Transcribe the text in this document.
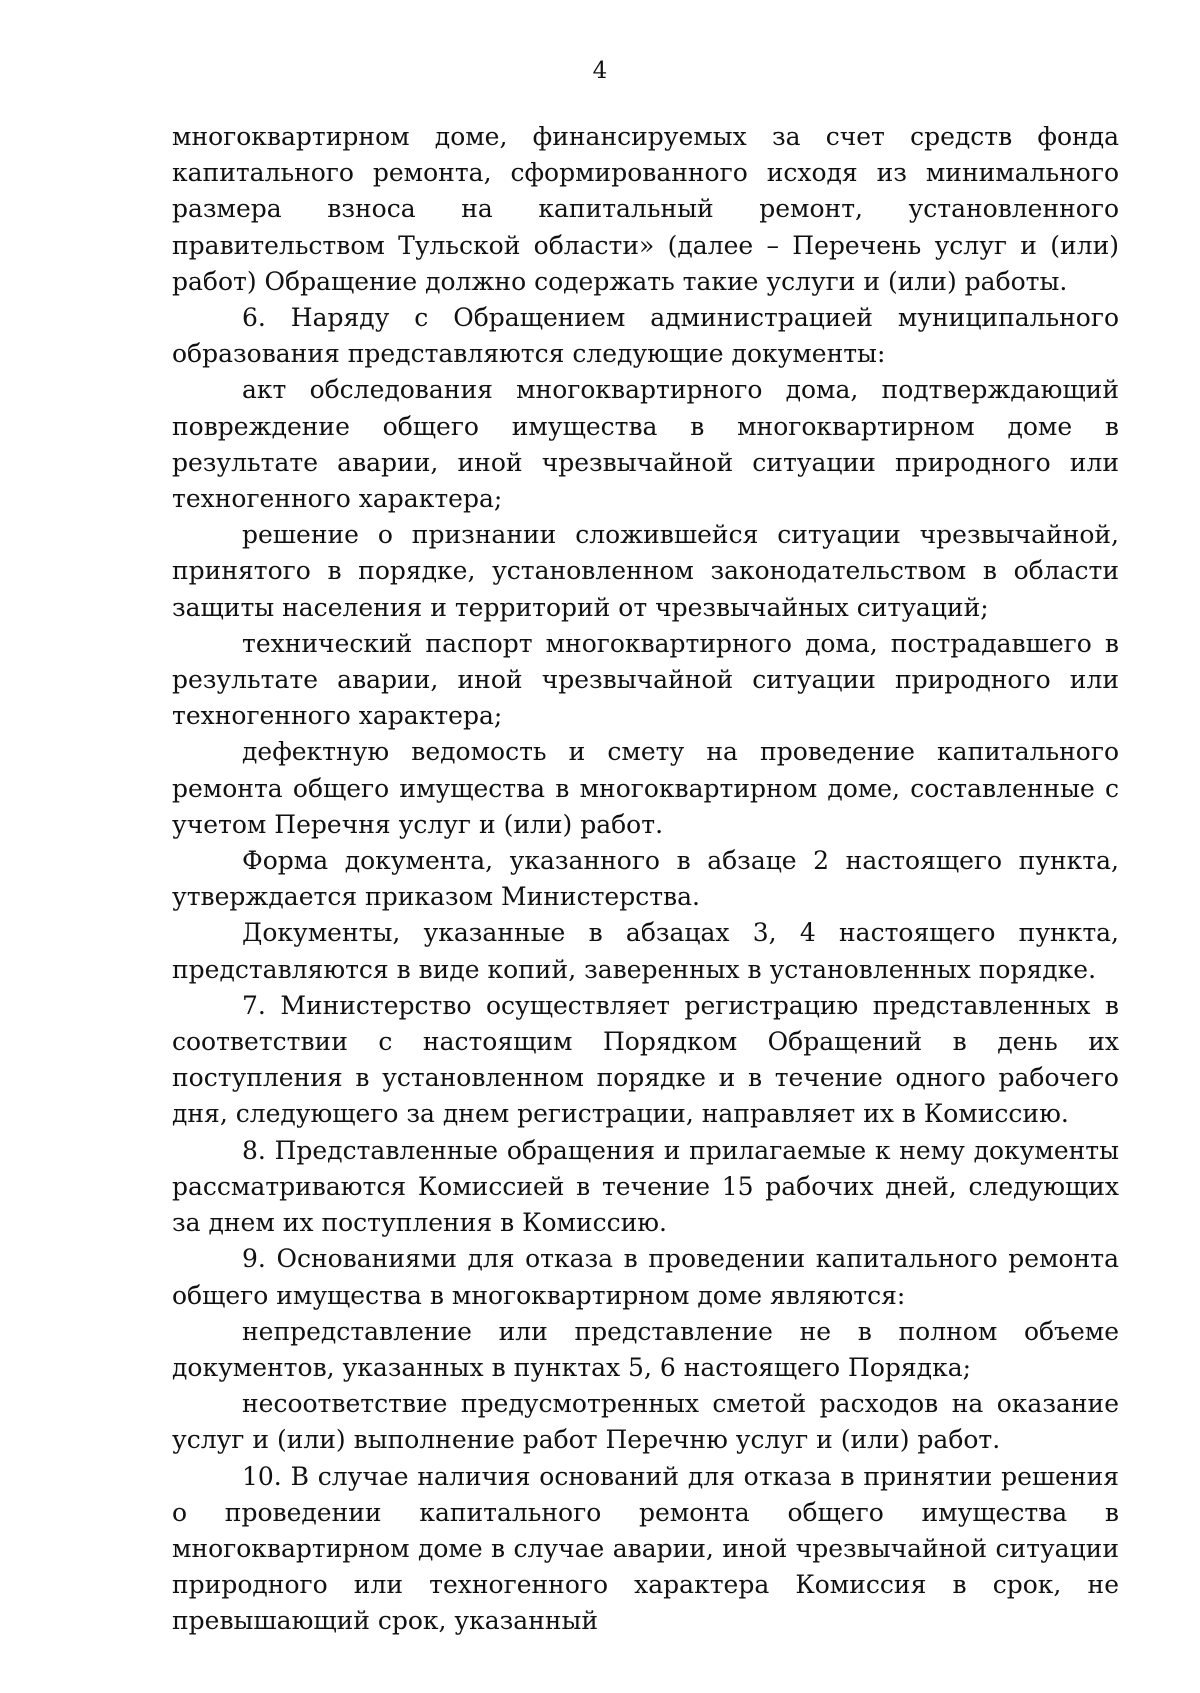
4

многоквартирном доме, финансируемых за счет средств фонда капитального ремонта, сформированного исходя из минимального размера взноса на капитальный ремонт, установленного правительством Тульской области» (далее – Перечень услуг и (или) работ) Обращение должно содержать такие услуги и (или) работы.

6. Наряду с Обращением администрацией муниципального образования представляются следующие документы:

акт обследования многоквартирного дома, подтверждающий повреждение общего имущества в многоквартирном доме в результате аварии, иной чрезвычайной ситуации природного или техногенного характера;

решение о признании сложившейся ситуации чрезвычайной, принятого в порядке, установленном законодательством в области защиты населения и территорий от чрезвычайных ситуаций;

технический паспорт многоквартирного дома, пострадавшего в результате аварии, иной чрезвычайной ситуации природного или техногенного характера;

дефектную ведомость и смету на проведение капитального ремонта общего имущества в многоквартирном доме, составленные с учетом Перечня услуг и (или) работ.

Форма документа, указанного в абзаце 2 настоящего пункта, утверждается приказом Министерства.

Документы, указанные в абзацах 3, 4 настоящего пункта, представляются в виде копий, заверенных в установленных порядке.

7. Министерство осуществляет регистрацию представленных в соответствии с настоящим Порядком Обращений в день их поступления в установленном порядке и в течение одного рабочего дня, следующего за днем регистрации, направляет их в Комиссию.

8. Представленные обращения и прилагаемые к нему документы рассматриваются Комиссией в течение 15 рабочих дней, следующих за днем их поступления в Комиссию.

9. Основаниями для отказа в проведении капитального ремонта общего имущества в многоквартирном доме являются:

непредставление или представление не в полном объеме документов, указанных в пунктах 5, 6 настоящего Порядка;

несоответствие предусмотренных сметой расходов на оказание услуг и (или) выполнение работ Перечню услуг и (или) работ.

10. В случае наличия оснований для отказа в принятии решения о проведении капитального ремонта общего имущества в многоквартирном доме в случае аварии, иной чрезвычайной ситуации природного или техногенного характера Комиссия в срок, не превышающий срок, указанный
